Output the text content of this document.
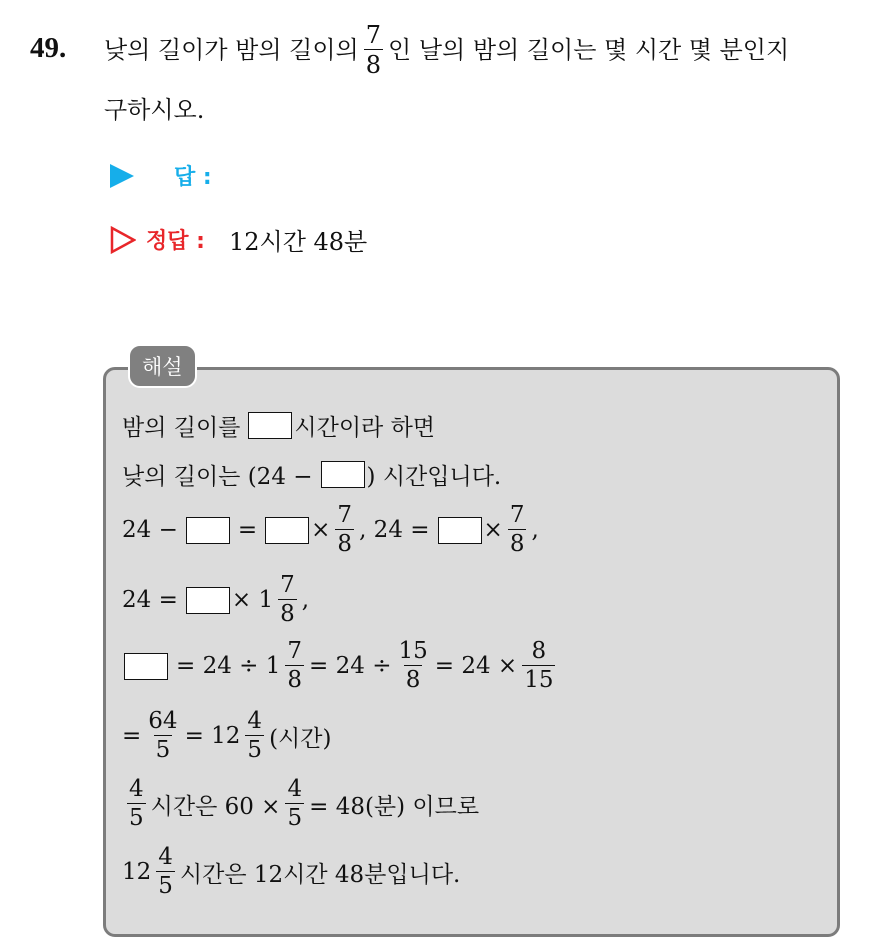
49. 낮의 길이가 밤의 길이의 $\frac{7}{8}$ 인 날의 밤의 길이는 몇 시간 몇 분인지
구하시오.
답 :
정답 : 12시간 48분
해설
밤의 길이를 시간이라 하면
낮의 길이는 (24 − ) 시간입니다.
24 −	= × $\frac{7}{8}$ , 24 = × $\frac{7}{8}$ ,
24 = × $1 \frac{7}{8}$ ,
= $24 \div 1 \frac{7}{8} = 24 \div \frac{15}{8} = 24 \times \frac{8}{15}$
= $\frac{64}{5} = 12 \frac{4}{5}$ (시간)
$\frac{4}{5}$ 시간은 $60 \times \frac{4}{5} = 48$(분) 이므로
$12 \frac{4}{5}$ 시간은 12시간 48분입니다.
